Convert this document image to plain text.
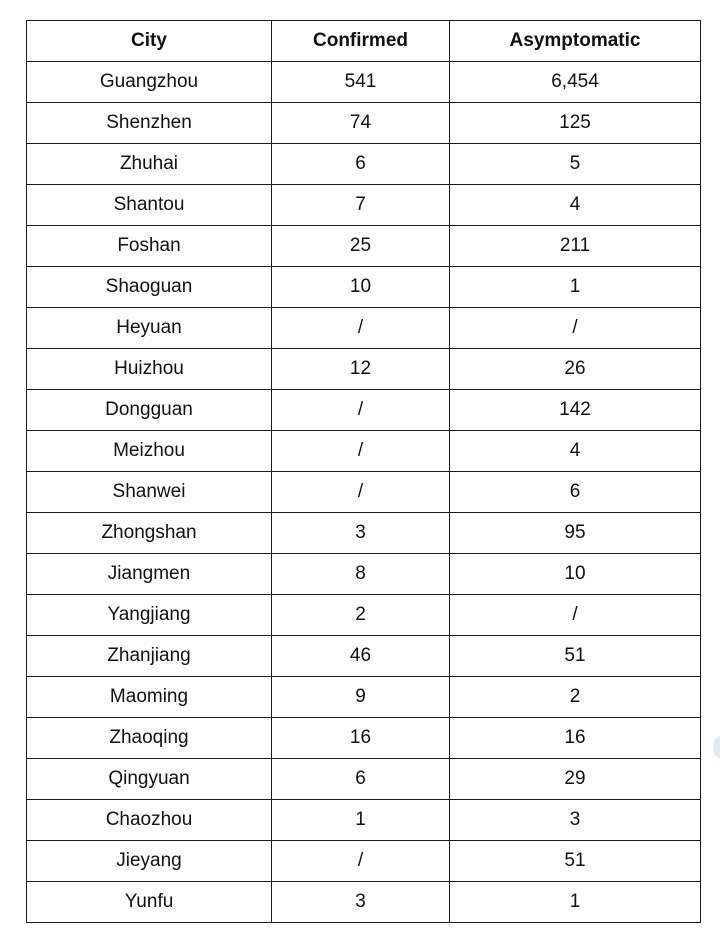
City	Confirmed	Asymptomatic
Guangzhou	541	6,454
Shenzhen	74	125
Zhuhai	6	5
Shantou	7	4
Foshan	25	211
Shaoguan	10	1
Heyuan	/	/
Huizhou	12	26
Dongguan	/	142
Meizhou	/	4
Shanwei	/	6
Zhongshan	3	95
Jiangmen	8	10
Yangjiang	2	/
Zhanjiang	46	51
Maoming	9	2
Zhaoqing	16	16
Qingyuan	6	29
Chaozhou	1	3
Jieyang	/	51
Yunfu	3	1
